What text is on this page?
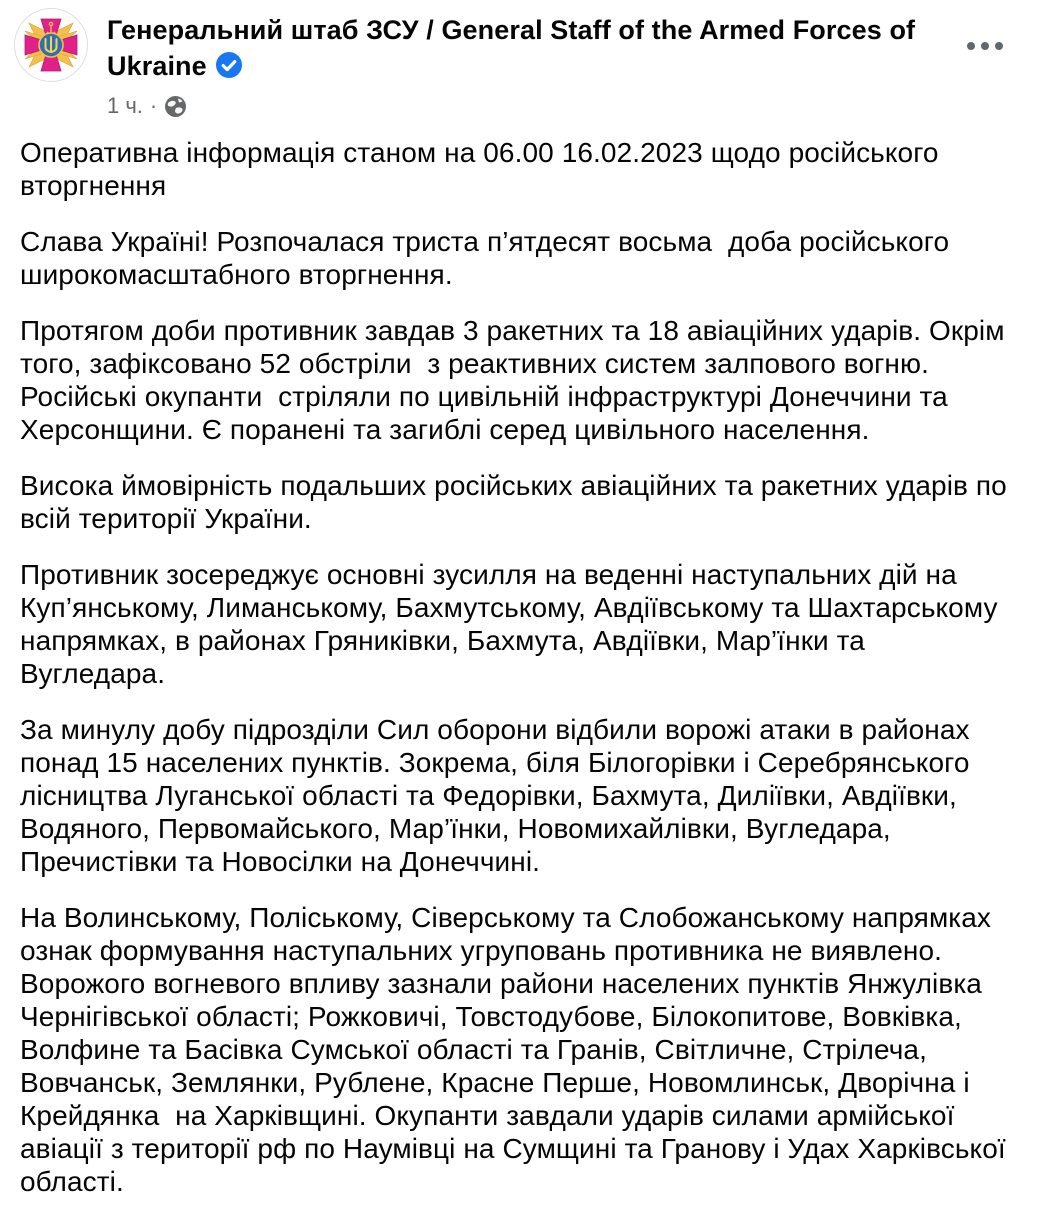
Генеральний штаб ЗСУ / General Staff of the Armed Forces of Ukraine
1 ч. ·

Оперативна інформація станом на 06.00 16.02.2023 щодо російського вторгнення

Слава Україні! Розпочалася триста п’ятдесят восьма  доба російського широкомасштабного вторгнення.

Протягом доби противник завдав 3 ракетних та 18 авіаційних ударів. Окрім того, зафіксовано 52 обстріли  з реактивних систем залпового вогню. Російські окупанти  стріляли по цивільній інфраструктурі Донеччини та Херсонщини. Є поранені та загиблі серед цивільного населення.

Висока ймовірність подальших російських авіаційних та ракетних ударів по всій території України.

Противник зосереджує основні зусилля на веденні наступальних дій на Куп’янському, Лиманському, Бахмутському, Авдіївському та Шахтарському напрямках, в районах Гряниківки, Бахмута, Авдіївки, Мар’їнки та Вугледара.

За минулу добу підрозділи Сил оборони відбили ворожі атаки в районах  понад 15 населених пунктів. Зокрема, біля Білогорівки і Серебрянського лісництва Луганської області та Федорівки, Бахмута, Диліївки, Авдіївки, Водяного, Первомайського, Мар’їнки, Новомихайлівки, Вугледара, Пречистівки та Новосілки на Донеччині.

На Волинському, Поліському, Сіверському та Слобожанському напрямках ознак формування наступальних угруповань противника не виявлено. Ворожого вогневого впливу зазнали райони населених пунктів Янжулівка Чернігівської області; Рожковичі, Товстодубове, Білокопитове, Вовківка, Волфине та Басівка Сумської області та Гранів, Світличне, Стрілеча,  Вовчанськ, Землянки, Рублене, Красне Перше, Новомлинськ, Дворічна і Крейдянка  на Харківщині. Окупанти завдали ударів силами армійської авіації з території рф по Наумівці на Сумщині та Гранову і Удах Харківської області.
